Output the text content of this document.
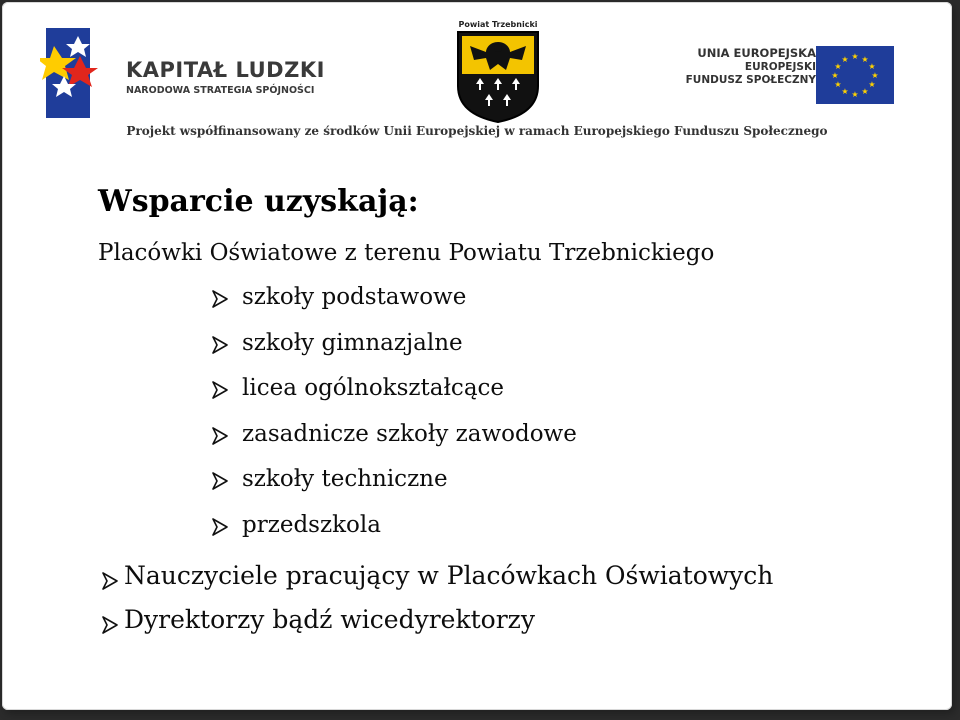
KAPITAŁ LUDZKI
NARODOWA STRATEGIA SPÓJNOŚCI
Powiat Trzebnicki
UNIA EUROPEJSKA
EUROPEJSKI
FUNDUSZ SPOŁECZNY
★ ★
★
★
★
★
★
★
★
★
★
★
Projekt współfinansowany ze środków Unii Europejskiej w ramach Europejskiego Funduszu Społecznego
Wsparcie uzyskają:
Placówki Oświatowe z terenu Powiatu Trzebnickiego
szkoły podstawowe
szkoły gimnazjalne
licea ogólnokształcące
zasadnicze szkoły zawodowe
szkoły techniczne
przedszkola
Nauczyciele pracujący w Placówkach Oświatowych
Dyrektorzy bądź wicedyrektorzy
